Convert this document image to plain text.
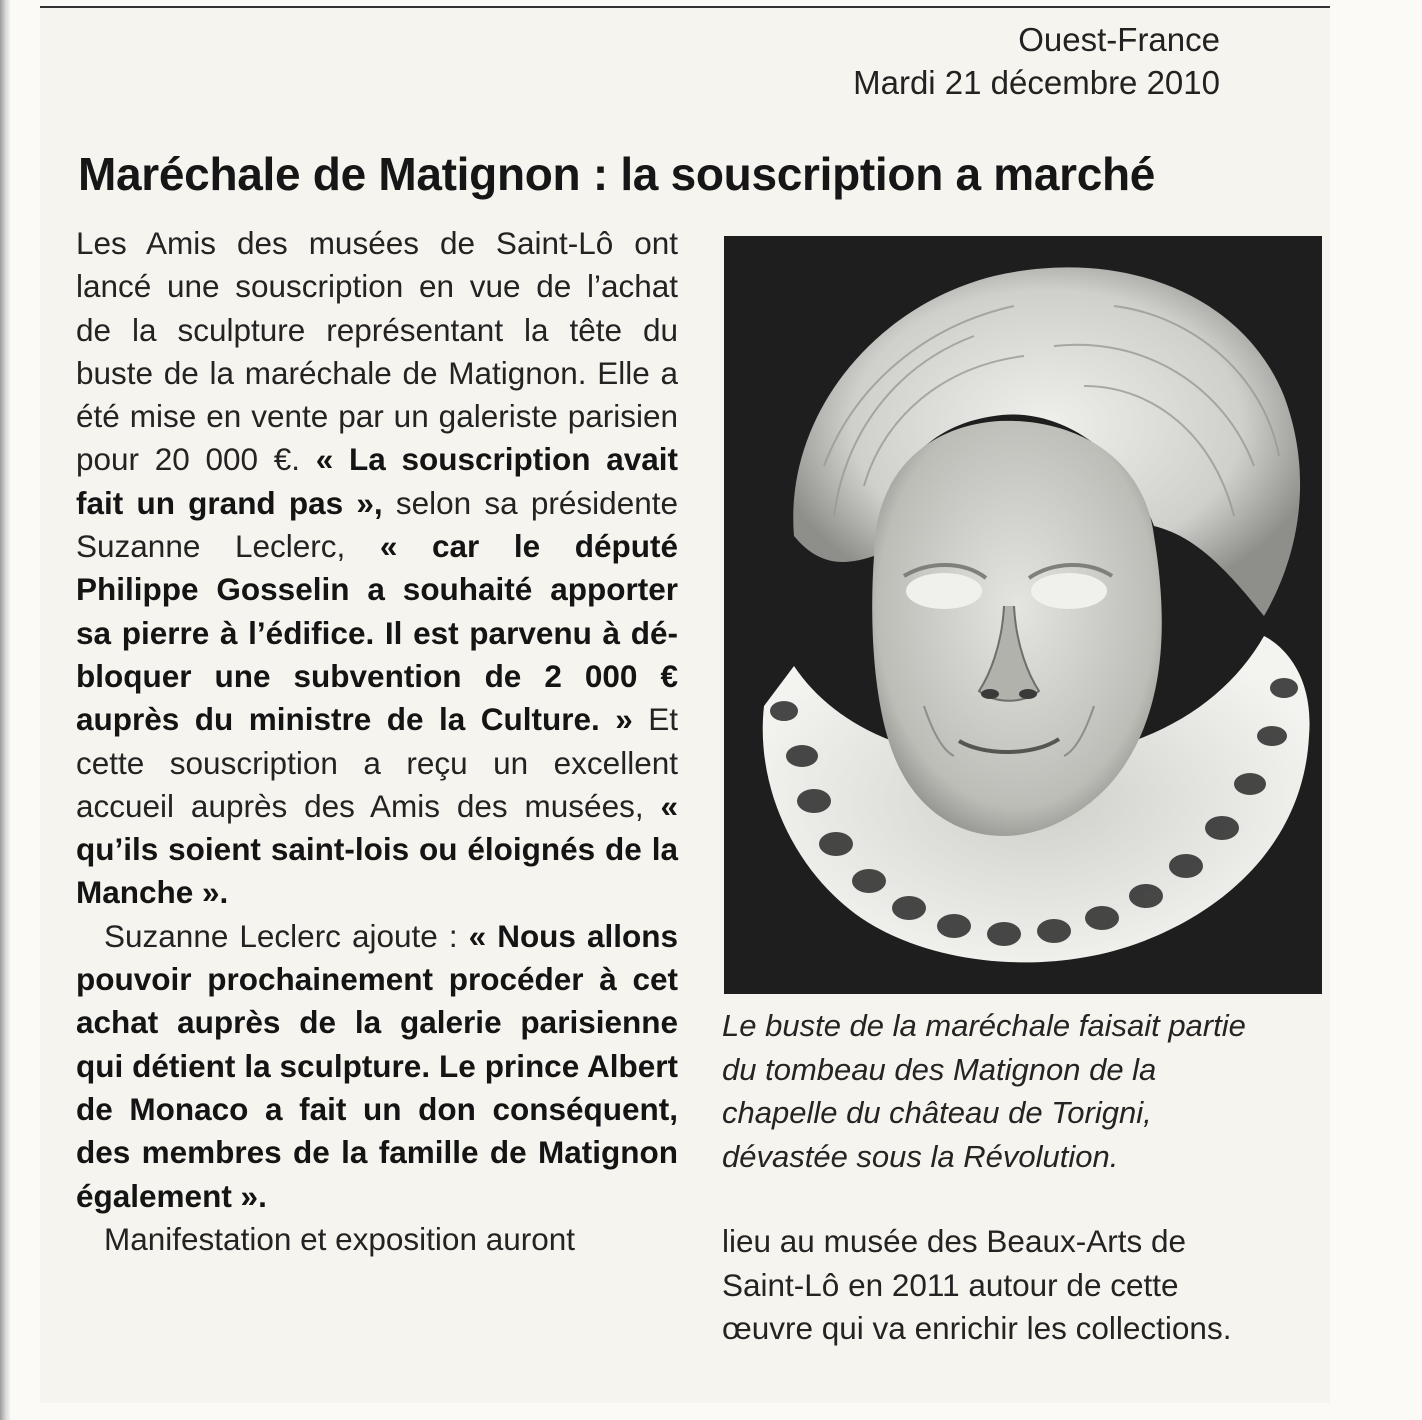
Ouest-France
Mardi 21 décembre 2010
Maréchale de Matignon : la souscription a marché

Les Amis des musées de Saint-Lô ont lancé une souscription en vue de l’achat de la sculpture représentant la tête du buste de la maréchale de Matignon. Elle a été mise en vente par un galeriste parisien pour 20 000 €. « La souscription avait fait un grand pas », selon sa présidente Suzanne Leclerc, « car le député Philippe Gosselin a souhaité apporter sa pierre à l’édifice. Il est parvenu à débloquer une subvention de 2 000 € auprès du ministre de la Culture. » Et cette souscription a reçu un excellent accueil auprès des Amis des musées, « qu’ils soient saint-lois ou éloignés de la Manche ».

Suzanne Leclerc ajoute : « Nous allons pouvoir prochainement procéder à cet achat auprès de la galerie parisienne qui détient la sculpture. Le prince Albert de Monaco a fait un don conséquent, des membres de la famille de Matignon également ».

Manifestation et exposition auront

Le buste de la maréchale faisait partie

du tombeau des Matignon de la

chapelle du château de Torigni,

dévastée sous la Révolution.

lieu au musée des Beaux-Arts de
Saint-Lô en 2011 autour de cette
œuvre qui va enrichir les collections.
